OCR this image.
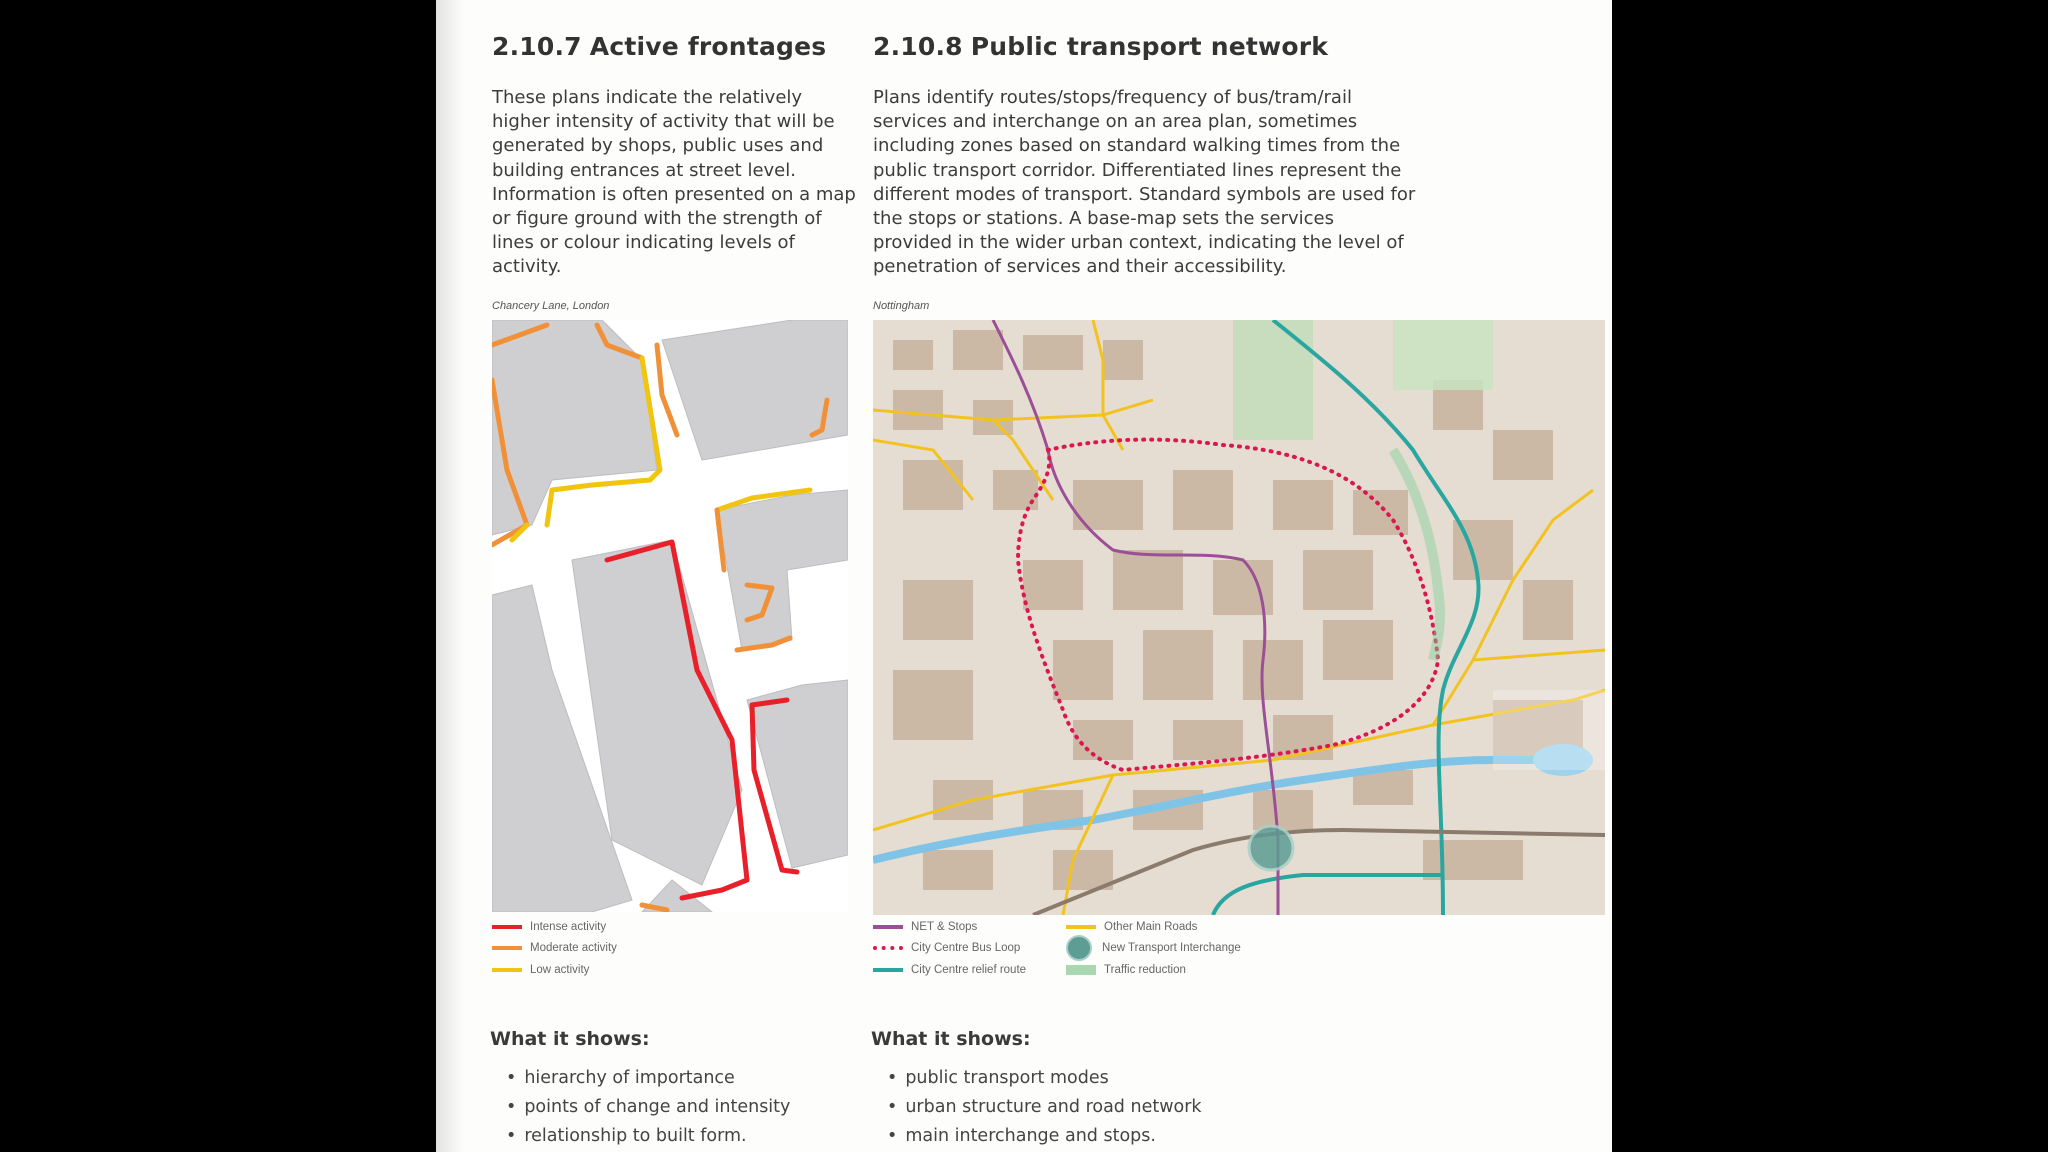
2.10.7 Active frontages
These plans indicate the relatively higher intensity of activity that will be generated by shops, public uses and building entrances at street level. Information is often presented on a map or figure ground with the strength of lines or colour indicating levels of activity.
Chancery Lane, London
Intense activity
Moderate activity
Low activity
What it shows:
• hierarchy of importance
• points of change and intensity
• relationship to built form.
2.10.8 Public transport network
Plans identify routes/stops/frequency of bus/tram/rail services and interchange on an area plan, sometimes including zones based on standard walking times from the public transport corridor. Differentiated lines represent the different modes of transport. Standard symbols are used for the stops or stations. A base-map sets the services provided in the wider urban context, indicating the level of penetration of services and their accessibility.
Nottingham
NET & Stops
City Centre Bus Loop
City Centre relief route
Other Main Roads
New Transport Interchange
Traffic reduction
What it shows:
• public transport modes
• urban structure and road network
• main interchange and stops.
